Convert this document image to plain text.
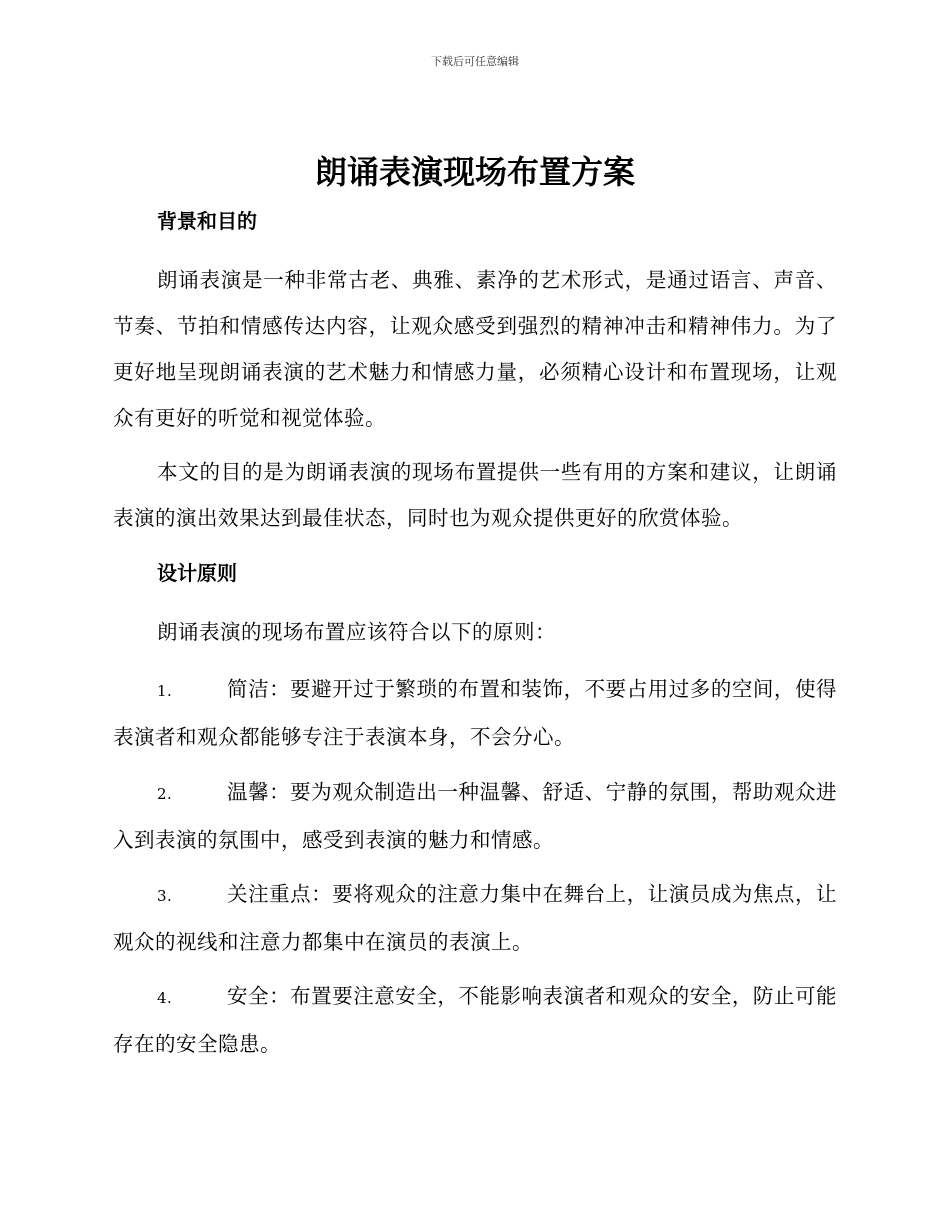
下载后可任意编辑
朗诵表演现场布置方案
背景和目的

朗诵表演是一种非常古老、典雅、素净的艺术形式，是通过语言、声音、节奏、节拍和情感传达内容，让观众感受到强烈的精神冲击和精神伟力。为了更好地呈现朗诵表演的艺术魅力和情感力量，必须精心设计和布置现场，让观众有更好的听觉和视觉体验。

本文的目的是为朗诵表演的现场布置提供一些有用的方案和建议，让朗诵表演的演出效果达到最佳状态，同时也为观众提供更好的欣赏体验。

设计原则

朗诵表演的现场布置应该符合以下的原则：

1.	简洁：要避开过于繁琐的布置和装饰，不要占用过多的空间，使得表演者和观众都能够专注于表演本身，不会分心。

2.	温馨：要为观众制造出一种温馨、舒适、宁静的氛围，帮助观众进入到表演的氛围中，感受到表演的魅力和情感。

3.	关注重点：要将观众的注意力集中在舞台上，让演员成为焦点，让观众的视线和注意力都集中在演员的表演上。

4.	安全：布置要注意安全，不能影响表演者和观众的安全，防止可能存在的安全隐患。
